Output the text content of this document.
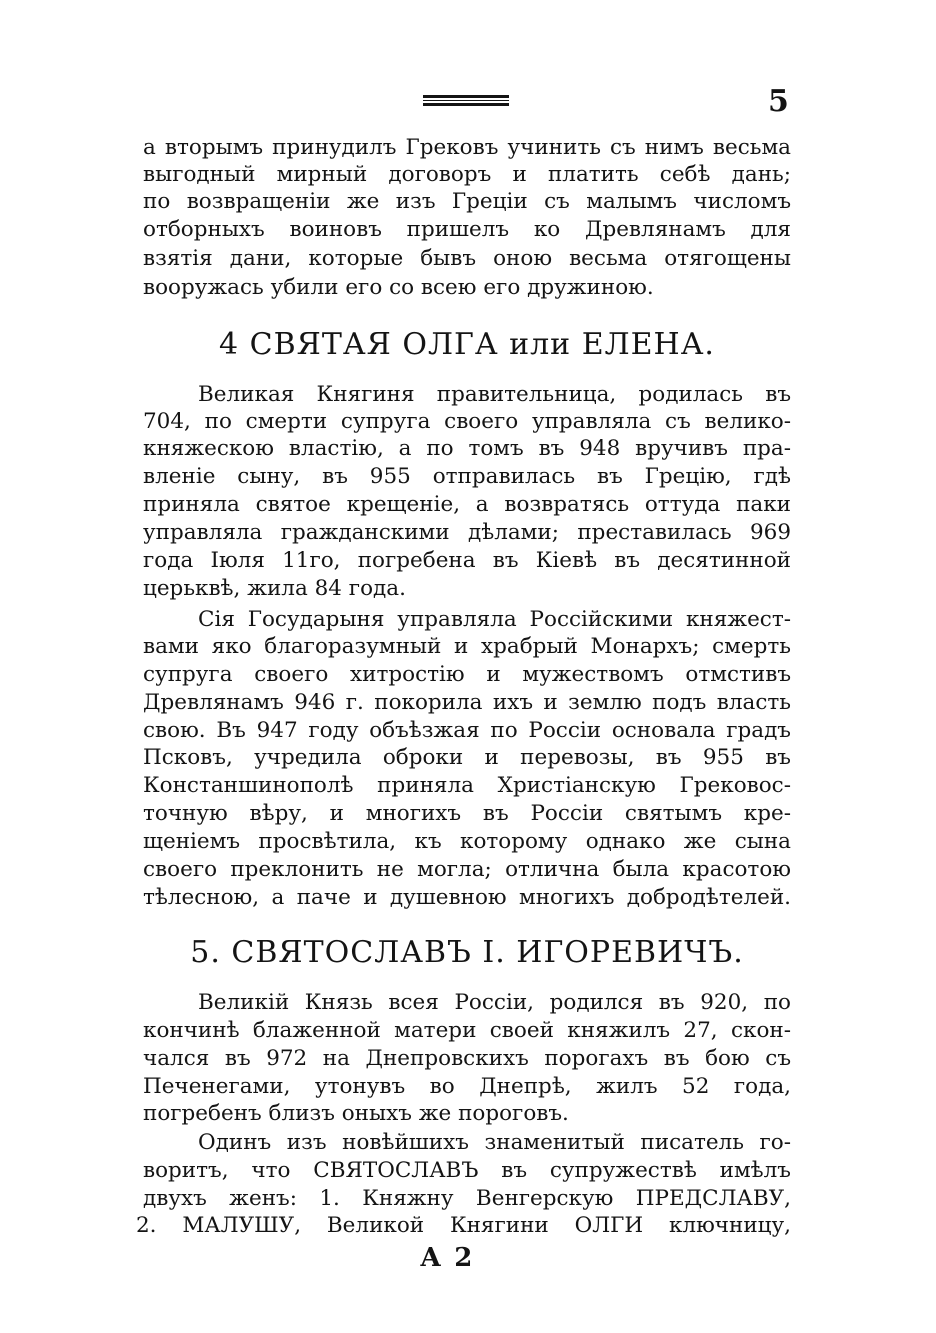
5
а вторымъ принудилъ Грековъ учинить съ нимъ весьма
выгодный мирный договоръ и платить себѣ дань;
по возвращенiи же изъ Грецiи съ малымъ числомъ
отборныхъ воиновъ пришелъ ко Древлянамъ для
взятiя дани, которые бывъ оною весьма отягощены
вооружась убили его со всею его дружиною.
4 СВЯТАЯ ОЛГА или ЕЛЕНА.
Великая Княгиня правительница, родилась въ
704, по смерти супруга своего управляла съ велико-
княжескою властiю, а по томъ въ 948 вручивъ пра-
вленiе сыну, въ 955 отправилась въ Грецiю, гдѣ
приняла святое крещенiе, а возвратясь оттуда паки
управляла гражданскими дѣлами; преставилась 969
года Iюля 11го, погребена въ Кiевѣ въ десятинной
церьквѣ, жила 84 года.
Сiя Государыня управляла Россiйскими княжест-
вами яко благоразумный и храбрый Монархъ; смерть
супруга своего хитростiю и мужествомъ отмстивъ
Древлянамъ 946 г. покорила ихъ и землю подъ власть
свою. Въ 947 году объѣзжая по Россiи основала градъ
Псковъ, учредила оброки и перевозы, въ 955 въ
Констаншинополѣ приняла Христiанскую Грековос-
точную вѣру, и многихъ въ Россiи святымъ кре-
щенiемъ просвѣтила, къ которому однако же сына
своего преклонить не могла; отлична была красотою
тѣлесною, а паче и душевною многихъ добродѣтелей.
5. СВЯТОСЛАВЪ I. ИГОРЕВИЧЪ.
Великiй Князь всея Россiи, родился въ 920, по
кончинѣ блаженной матери своей княжилъ 27, скон-
чался въ 972 на Днепровскихъ порогахъ въ бою съ
Печенегами, утонувъ во Днепрѣ, жилъ 52 года,
погребенъ близъ оныхъ же пороговъ.
Одинъ изъ новѣйшихъ знаменитый писатель го-
воритъ, что СВЯТОСЛАВЪ въ супружествѣ имѣлъ
двухъ женъ: 1. Княжну Венгерскую ПРЕДСЛАВУ,
2. МАЛУШУ, Великой Княгини ОЛГИ ключницу,
А 2
